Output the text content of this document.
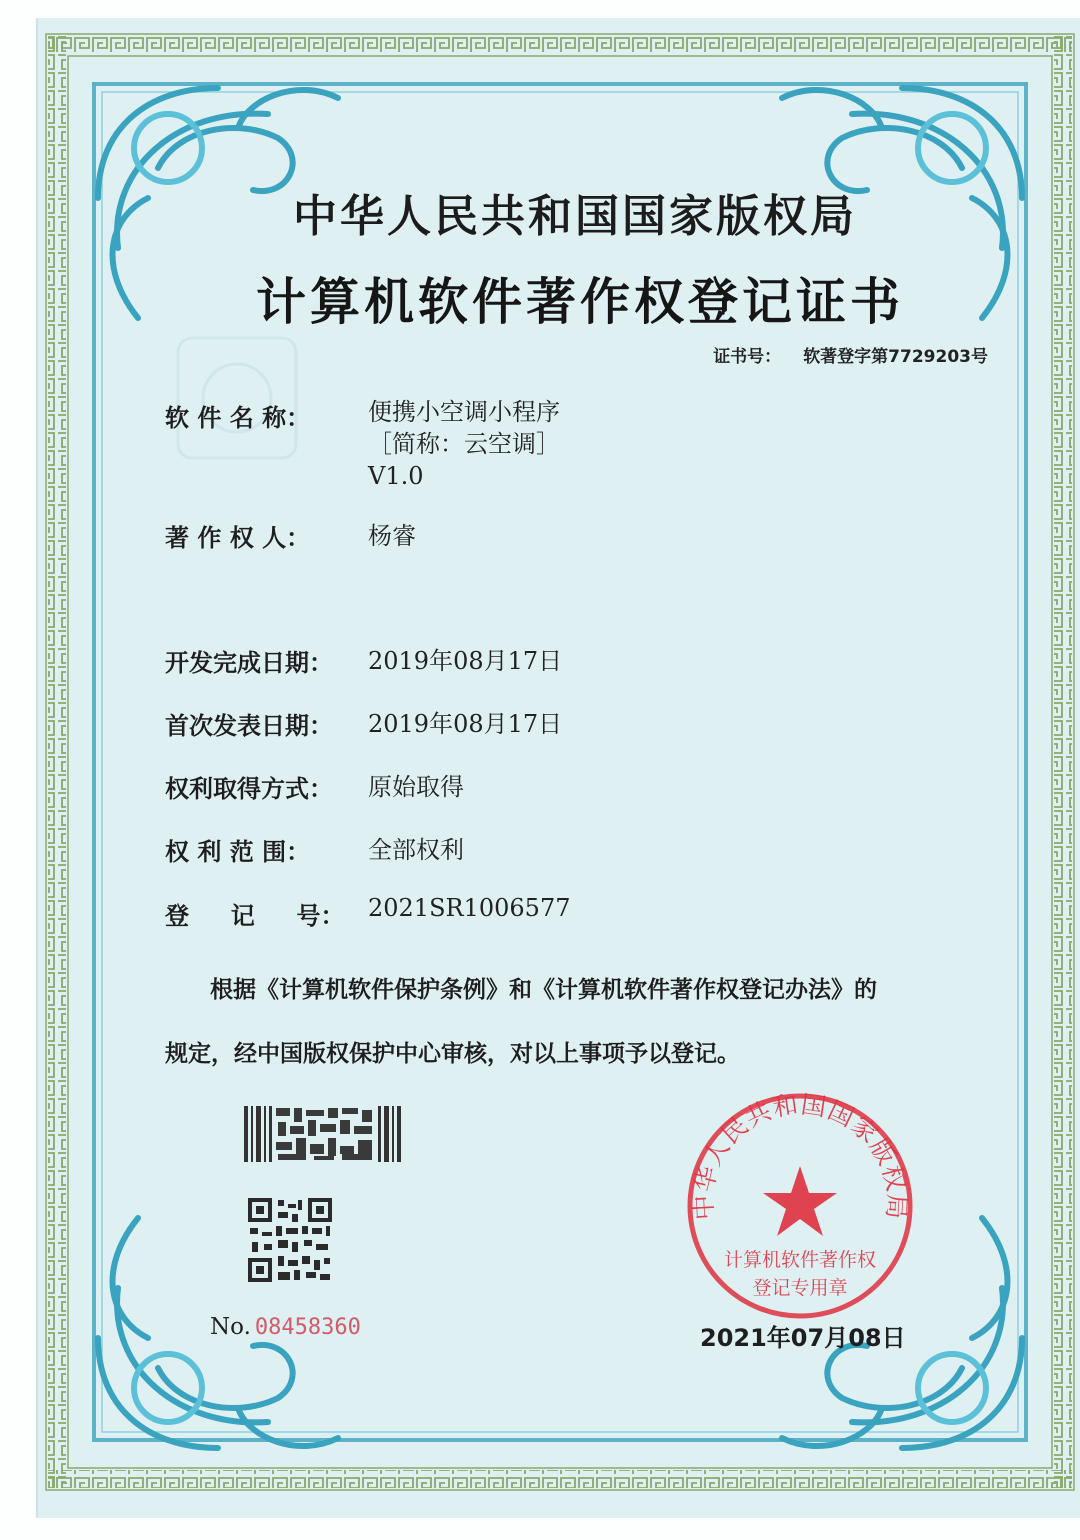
中华人民共和国国家版权局
计算机软件著作权登记证书
证书号： 软著登字第7729203号
软 件 名 称： 便携小空调小程序
［简称：云空调］
V1.0
著 作 权 人： 杨睿
开发完成日期： 2019年08月17日
首次发表日期： 2019年08月17日
权利取得方式： 原始取得
权 利 范 围： 全部权利
登     记     号： 2021SR1006577
根据《计算机软件保护条例》和《计算机软件著作权登记办法》的
规定，经中国版权保护中心审核，对以上事项予以登记。
No. 08458360
中华人民共和国国家版权局
计算机软件著作权
登记专用章
2021年07月08日
